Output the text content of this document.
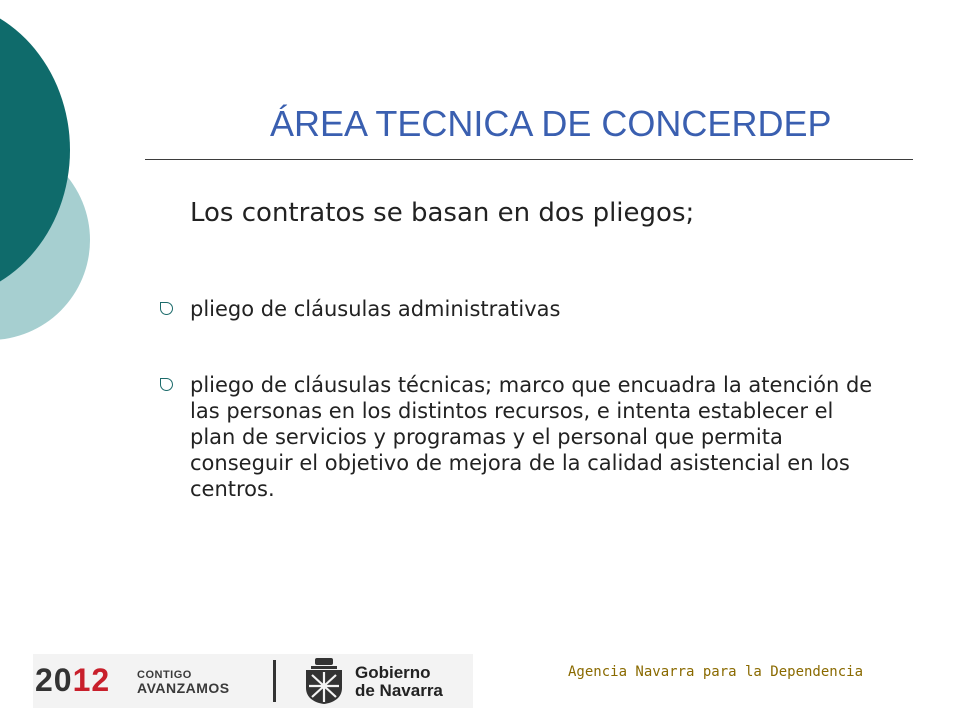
ÁREA TECNICA DE CONCERDEP
Los contratos se basan en dos pliegos;
pliego de cláusulas administrativas
pliego de cláusulas técnicas; marco que encuadra la atención de las personas en los distintos recursos, e intenta establecer el plan de servicios y programas y el personal que permita conseguir el objetivo de mejora de la calidad asistencial en los centros.
2012 CONTIGO
AVANZAMOS
Gobierno
de Navarra
Agencia Navarra para la Dependencia
